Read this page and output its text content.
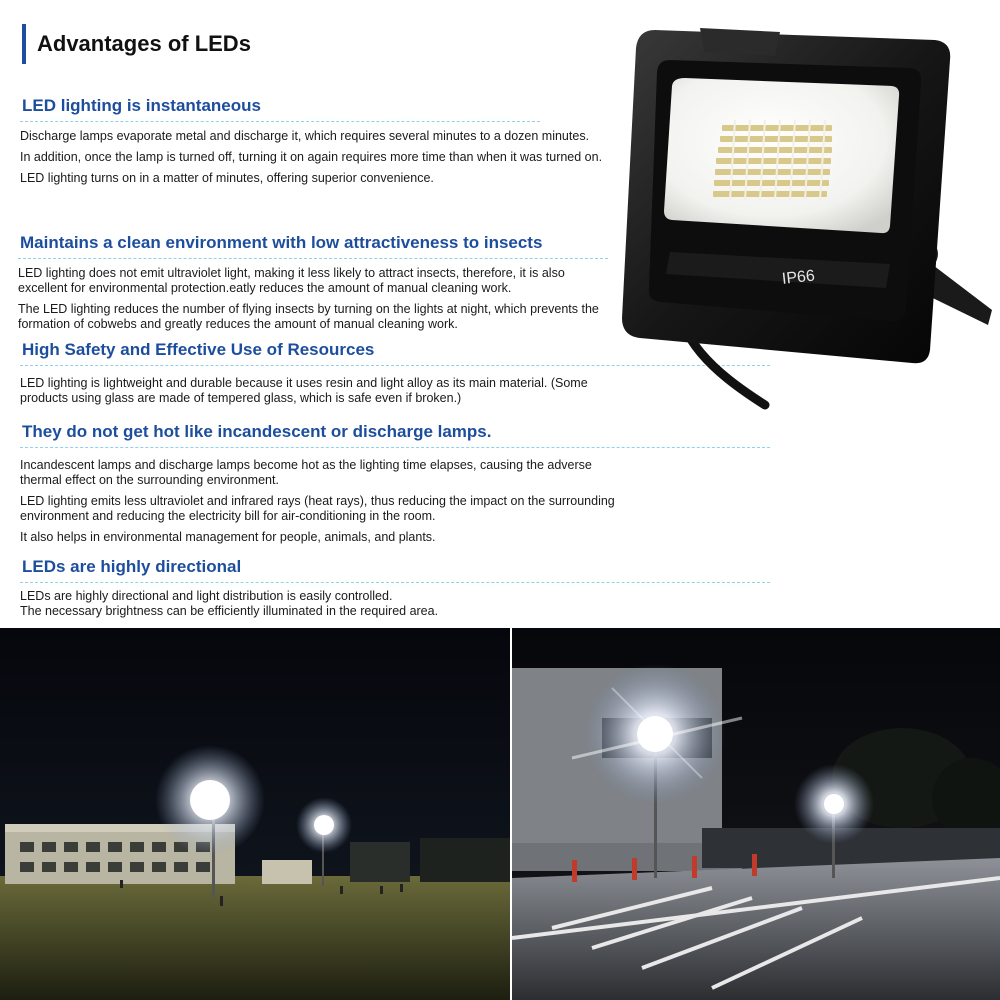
Advantages of LEDs
LED lighting is instantaneous

Discharge lamps evaporate metal and discharge it, which requires several minutes to a dozen minutes.

In addition, once the lamp is turned off, turning it on again requires more time than when it was turned on.

LED lighting turns on in a matter of minutes, offering superior convenience.

Maintains a clean environment with low attractiveness to insects

LED lighting does not emit ultraviolet light, making it less likely to attract insects, therefore, it is also excellent for environmental protection.eatly reduces the amount of manual cleaning work.

The LED lighting reduces the number of flying insects by turning on the lights at night, which prevents the formation of cobwebs and greatly reduces the amount of manual cleaning work.

High Safety and Effective Use of Resources

LED lighting is lightweight and durable because it uses resin and light alloy as its main material. (Some products using glass are made of tempered glass, which is safe even if broken.)

They do not get hot like incandescent or discharge lamps.

Incandescent lamps and discharge lamps become hot as the lighting time elapses, causing the adverse thermal effect on the surrounding environment.

LED lighting emits less ultraviolet and infrared rays (heat rays), thus reducing the impact on the surrounding environment and reducing the electricity bill for air-conditioning in the room.

It also helps in environmental management for people, animals, and plants.

LEDs are highly directional

LEDs are highly directional and light distribution is easily controlled.

The necessary brightness can be efficiently illuminated in the required area.

IP66
